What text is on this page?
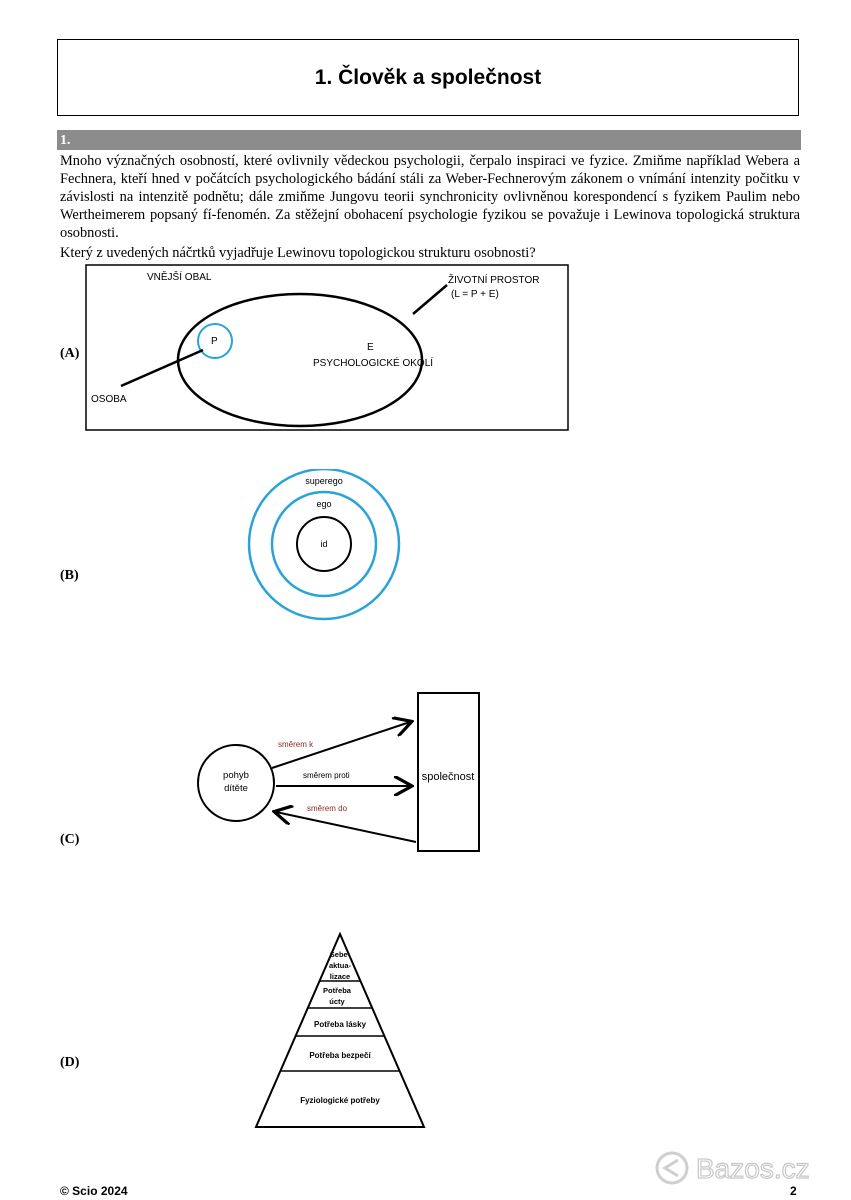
1. Člověk a společnost
1.

Mnoho význačných osobností, které ovlivnily vědeckou psychologii, čerpalo inspiraci ve fyzice. Zmiňme například Webera a Fechnera, kteří hned v počátcích psychologického bádání stáli za Weber-Fechnerovým zákonem o vnímání intenzity počitku v závislosti na intenzitě podnětu; dále zmiňme Jungovu teorii synchronicity ovlivněnou korespondencí s fyzikem Paulim nebo Wertheimerem popsaný fí-fenomén. Za stěžejní obohacení psychologie fyzikou se považuje i Lewinova topologická struktura osobnosti.

Který z uvedených náčrtků vyjadřuje Lewinovu topologickou strukturu osobnosti?

(A)
VNĚJŠÍ OBAL	ŽIVOTNÍ PROSTOR
(L = P + E)
P
E
PSYCHOLOGICKÉ OKOLÍ
OSOBA
(B)
superego
ego
id
(C)
pohyb
dítěte
společnost
směrem k
směrem proti
směrem do
(D)
Sebe-
aktua-
lizace
Potřeba
úcty
Potřeba lásky
Potřeba bezpečí
Fyziologické potřeby
© Scio 2024	2
Bazos.cz
